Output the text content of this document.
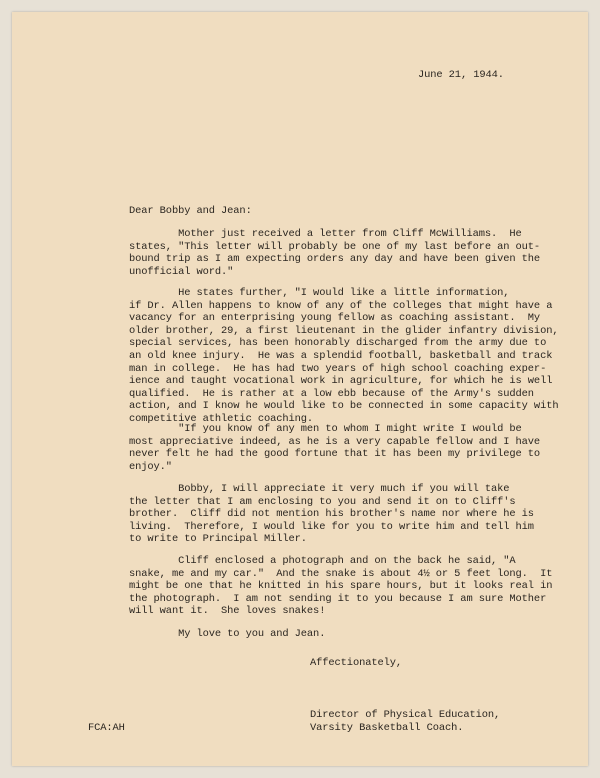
June 21, 1944.
Dear Bobby and Jean:
Mother just received a letter from Cliff McWilliams.  He
states, "This letter will probably be one of my last before an out-
bound trip as I am expecting orders any day and have been given the
unofficial word."
He states further, "I would like a little information,
if Dr. Allen happens to know of any of the colleges that might have a
vacancy for an enterprising young fellow as coaching assistant.  My
older brother, 29, a first lieutenant in the glider infantry division,
special services, has been honorably discharged from the army due to
an old knee injury.  He was a splendid football, basketball and track
man in college.  He has had two years of high school coaching exper-
ience and taught vocational work in agriculture, for which he is well
qualified.  He is rather at a low ebb because of the Army's sudden
action, and I know he would like to be connected in some capacity with
competitive athletic coaching.
"If you know of any men to whom I might write I would be
most appreciative indeed, as he is a very capable fellow and I have
never felt he had the good fortune that it has been my privilege to
enjoy."
Bobby, I will appreciate it very much if you will take
the letter that I am enclosing to you and send it on to Cliff's
brother.  Cliff did not mention his brother's name nor where he is
living.  Therefore, I would like for you to write him and tell him
to write to Principal Miller.
Cliff enclosed a photograph and on the back he said, "A
snake, me and my car."  And the snake is about 4½ or 5 feet long.  It
might be one that he knitted in his spare hours, but it looks real in
the photograph.  I am not sending it to you because I am sure Mother
will want it.  She loves snakes!
My love to you and Jean.
Affectionately,
Director of Physical Education,
Varsity Basketball Coach.
FCA:AH
